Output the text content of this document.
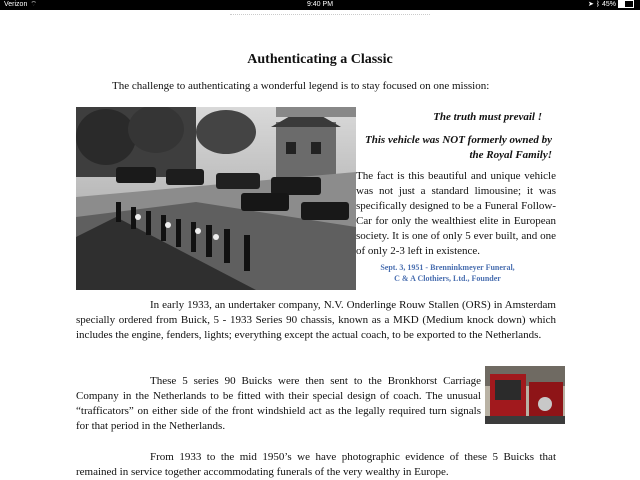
Verizon ⌔	9:40 PM	➤ ᛒ 45%
Authenticating a Classic
The challenge to authenticating a wonderful legend is to stay focused on one mission:
The truth must prevail !
This vehicle was NOT formerly owned by the Royal Family!
The fact is this beautiful and unique vehicle was not just a standard limousine; it was specifically designed to be a Funeral Follow-Car for only the wealthiest elite in European society. It is one of only 5 ever built, and one of only 2-3 left in existence.
Sept. 3, 1951 - Brenninkmeyer Funeral,
C & A Clothiers, Ltd., Founder
In early 1933, an undertaker company, N.V. Onderlinge Rouw Stallen (ORS) in Amsterdam specially ordered from Buick, 5 - 1933 Series 90 chassis, known as a MKD (Medium knock down) which includes the engine, fenders, lights; everything except the actual coach, to be exported to the Netherlands.
These 5 series 90 Buicks were then sent to the Bronkhorst Carriage Company in the Netherlands to be fitted with their special design of coach. The unusual “trafficators” on either side of the front windshield act as the legally required turn signals for that period in the Netherlands.
From 1933 to the mid 1950’s we have photographic evidence of these 5 Buicks that remained in service together accommodating funerals of the very wealthy in Europe.
